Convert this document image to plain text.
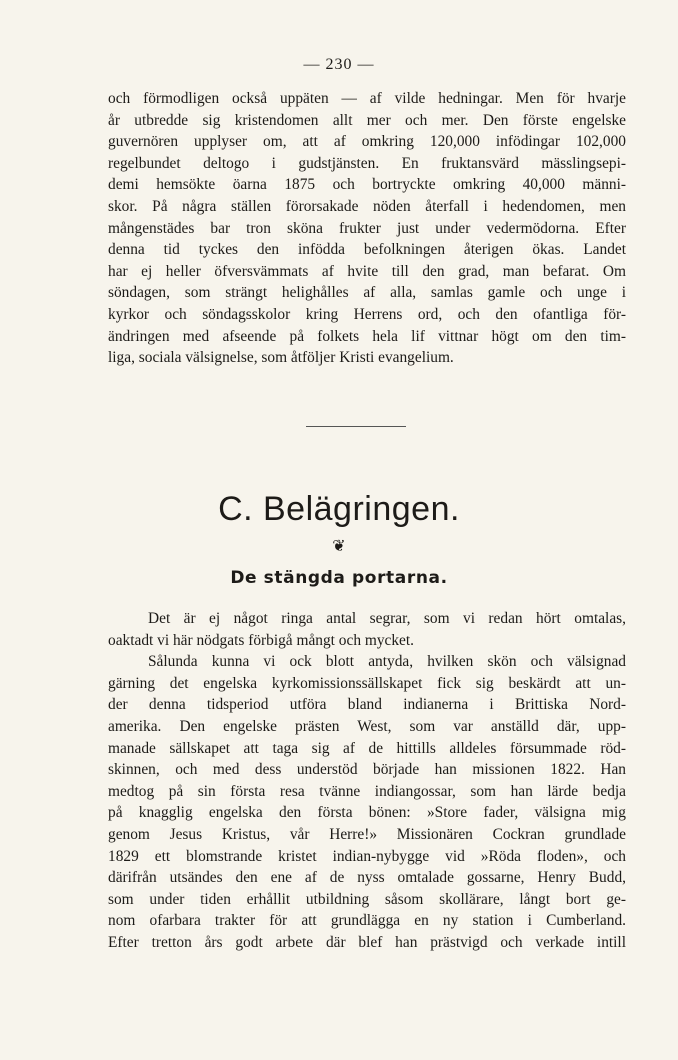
— 230 —

och förmodligen också uppäten — af vilde hedningar. Men för hvarje
år utbredde sig kristendomen allt mer och mer. Den förste engelske
guvernören upplyser om, att af omkring 120,000 infödingar 102,000
regelbundet deltogo i gudstjänsten. En fruktansvärd mässlingsepi-
demi hemsökte öarna 1875 och bortryckte omkring 40,000 männi-
skor. På några ställen förorsakade nöden återfall i hedendomen, men
mångenstädes bar tron sköna frukter just under vedermödorna. Efter
denna tid tyckes den infödda befolkningen återigen ökas. Landet
har ej heller öfversvämmats af hvite till den grad, man befarat. Om
söndagen, som strängt helighålles af alla, samlas gamle och unge i
kyrkor och söndagsskolor kring Herrens ord, och den ofantliga för-
ändringen med afseende på folkets hela lif vittnar högt om den tim-
liga, sociala välsignelse, som åtföljer Kristi evangelium.

C. Belägringen.
❦
De stängda portarna.

Det är ej något ringa antal segrar, som vi redan hört omtalas,
oaktadt vi här nödgats förbigå mångt och mycket.
Sålunda kunna vi ock blott antyda, hvilken skön och välsignad
gärning det engelska kyrkomissionssällskapet fick sig beskärdt att un-
der denna tidsperiod utföra bland indianerna i Brittiska Nord-
amerika. Den engelske prästen West, som var anställd där, upp-
manade sällskapet att taga sig af de hittills alldeles försummade röd-
skinnen, och med dess understöd började han missionen 1822. Han
medtog på sin första resa tvänne indiangossar, som han lärde bedja
på knagglig engelska den första bönen: »Store fader, välsigna mig
genom Jesus Kristus, vår Herre!» Missionären Cockran grundlade
1829 ett blomstrande kristet indian-nybygge vid »Röda floden», och
därifrån utsändes den ene af de nyss omtalade gossarne, Henry Budd,
som under tiden erhållit utbildning såsom skollärare, långt bort ge-
nom ofarbara trakter för att grundlägga en ny station i Cumberland.
Efter tretton års godt arbete där blef han prästvigd och verkade intill
